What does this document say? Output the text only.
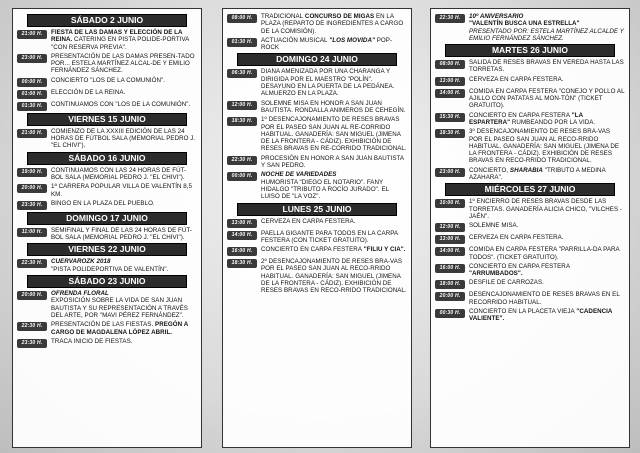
SÁBADO 2 JUNIO
21:00 H.	FIESTA DE LAS DAMAS Y ELECCIÓN DE LA REINA. CATERING EN PISTA POLIDE-PORTIVA "CON RESERVA PREVIA".
23:00 H.	PRESENTACIÓN DE LAS DAMAS PRESEN-TADO POR... ESTELA MARTÍNEZ ALCAL-DE Y EMILIO FERNÁNDEZ SÁNCHEZ.
00:00 H.	CONCIERTO "LOS DE LA COMUNIÓN".
01:00 H.	ELECCIÓN DE LA REINA.
01:30 H.	CONTINUAMOS CON "LOS DE LA COMUNIÓN".
VIERNES 15 JUNIO
21:00 H.	COMIENZO DE LA XXXIII EDICIÓN DE LAS 24 HORAS DE FÚTBOL SALA (MEMORIAL PEDRO J. "EL CHIVI").
SÁBADO 16 JUNIO
19:00 H.	CONTINUAMOS CON LAS 24 HORAS DE FÚT-BOL SALA (MEMORIAL PEDRO J. "EL CHIVI").
20:00 H.	1ª CARRERA POPULAR VILLA DE VALENTÍN 8,5 KM.
23:30 H.	BINGO EN LA PLAZA DEL PUEBLO.
DOMINGO 17 JUNIO
11:00 H.	SEMIFINAL Y FINAL DE LAS 24 HORAS DE FÚT-BOL SALA (MEMORIAL PEDRO J. "EL CHIVI").
VIERNES 22 JUNIO
22:30 H.	CUERVAROZK 2018
"PISTA POLIDEPORTIVA DE VALENTÍN".
SÁBADO 23 JUNIO
20:00 H.	OFRENDA FLORAL
EXPOSICIÓN SOBRE LA VIDA DE SAN JUAN BAUTISTA Y SU REPRESENTACIÓN A TRAVÉS DEL ARTE, POR "MAVI PÉREZ FERNÁNDEZ".
22:30 H.	PRESENTACIÓN DE LAS FIESTAS. PREGÓN A CARGO DE MAGDALENA LÓPEZ ABRIL.
23:30 H.	TRACA INICIO DE FIESTAS.
08:00 H.	TRADICIONAL CONCURSO DE MIGAS EN LA PLAZA (REPARTO DE INGREDIENTES A CARGO DE LA COMISIÓN).
01:30 H.	ACTUACIÓN MUSICAL "LOS MOVIDA" POP-ROCK
DOMINGO 24 JUNIO
06:30 H.	DIANA AMENIZADA POR UNA CHARANGA Y DIRIGIDA POR EL MAESTRO "POLÍN". DESAYUNO EN LA PUERTA DE LA PEDÁNEA. ALMUERZO EN LA PLAZA.
12:00 H.	SOLEMNE MISA EN HONOR A SAN JUAN BAUTISTA. RONDALLA ANIMEROS DE CEHEGÍN.
18:30 H.	1º DESENCAJONAMIENTO DE RESES BRAVAS POR EL PASEO SAN JUAN AL RE-CORRIDO HABITUAL. GANADERÍA: SAN MIGUEL (JIMENA DE LA FRONTERA - CÁDIZ). EXHIBICIÓN DE RESES BRAVAS EN RE-CORRIDO TRADICIONAL.
22:30 H.	PROCESIÓN EN HONOR A SAN JUAN BAUTISTA Y SAN PEDRO.
00:00 H.	NOCHE DE VARIEDADES
HUMORISTA "DIEGO EL NOTARIO". FANY HIDALGO "TRIBUTO A ROCÍO JURADO". EL LUISO DE "LA VOZ".
LUNES 25 JUNIO
13:00 H.	CERVEZA EN CARPA FESTERA.
14:00 H.	PAELLA GIGANTE PARA TODOS EN LA CARPA FESTERA (CON TICKET GRATUITO).
16:00 H.	CONCIERTO EN CARPA FESTERA "FILIU Y CIA".
18:30 H.	2º DESENCAJONAMIENTO DE RESES BRA-VAS POR EL PASEO SAN JUAN AL RECO-RRIDO HABITUAL. GANADERÍA: SAN MIGUEL (JIMENA DE LA FRONTERA - CÁDIZ). EXHIBICIÓN DE RESES BRAVAS EN RECO-RRIDO TRADICIONAL.
22:30 H.	10º ANIVERSARIO
"VALENTÍN BUSCA UNA ESTRELLA"
PRESENTADO POR: ESTELA MARTÍNEZ ALCALDE Y EMILIO FERNÁNDEZ SÁNCHEZ.
MARTES 26 JUNIO
08:00 H.	SALIDA DE RESES BRAVAS EN VEREDA HASTA LAS TORRETAS.
13:00 H.	CERVEZA EN CARPA FESTERA.
14:00 H.	COMIDA EN CARPA FESTERA "CONEJO Y POLLO AL AJILLO CON PATATAS AL MON-TÓN" (TICKET GRATUITO).
15:30 H.	CONCIERTO EN CARPA FESTERA "LA ESPARTERA" RUMBEANDO POR LA VIDA.
18:30 H.	3º DESENCAJONAMIENTO DE RESES BRA-VAS POR EL PASEO SAN JUAN AL RECO-RRIDO HABITUAL. GANADERÍA: SAN MIGUEL (JIMENA DE LA FRONTERA - CÁDIZ). EXHIBICIÓN DE RESES BRAVAS EN RECO-RRIDO TRADICIONAL.
23:00 H.	CONCIERTO, SHARABIA "TRIBUTO A MEDINA AZAHARA".
MIÉRCOLES 27 JUNIO
10:00 H.	1º ENCIERRO DE RESES BRAVAS DESDE LAS TORRETAS. GANADERÍA ALICIA CHICO, "VILCHES - JAÉN".
12:00 H.	SOLEMNE MISA.
13:00 H.	CERVEZA EN CARPA FESTERA.
14:00 H.	COMIDA EN CARPA FESTERA "PARRILLA-DA PARA TODOS". (TICKET GRATUITO).
16:00 H.	CONCIERTO EN CARPA FESTERA "ARRUMBADOS".
18:00 H.	DESFILE DE CARROZAS.
20:00 H.	DESENCAJONAMIENTO DE RESES BRAVAS EN EL RECORRIDO HABITUAL.
00:30 H.	CONCIERTO EN LA PLACETA VIEJA "CADENCIA VALIENTE".
